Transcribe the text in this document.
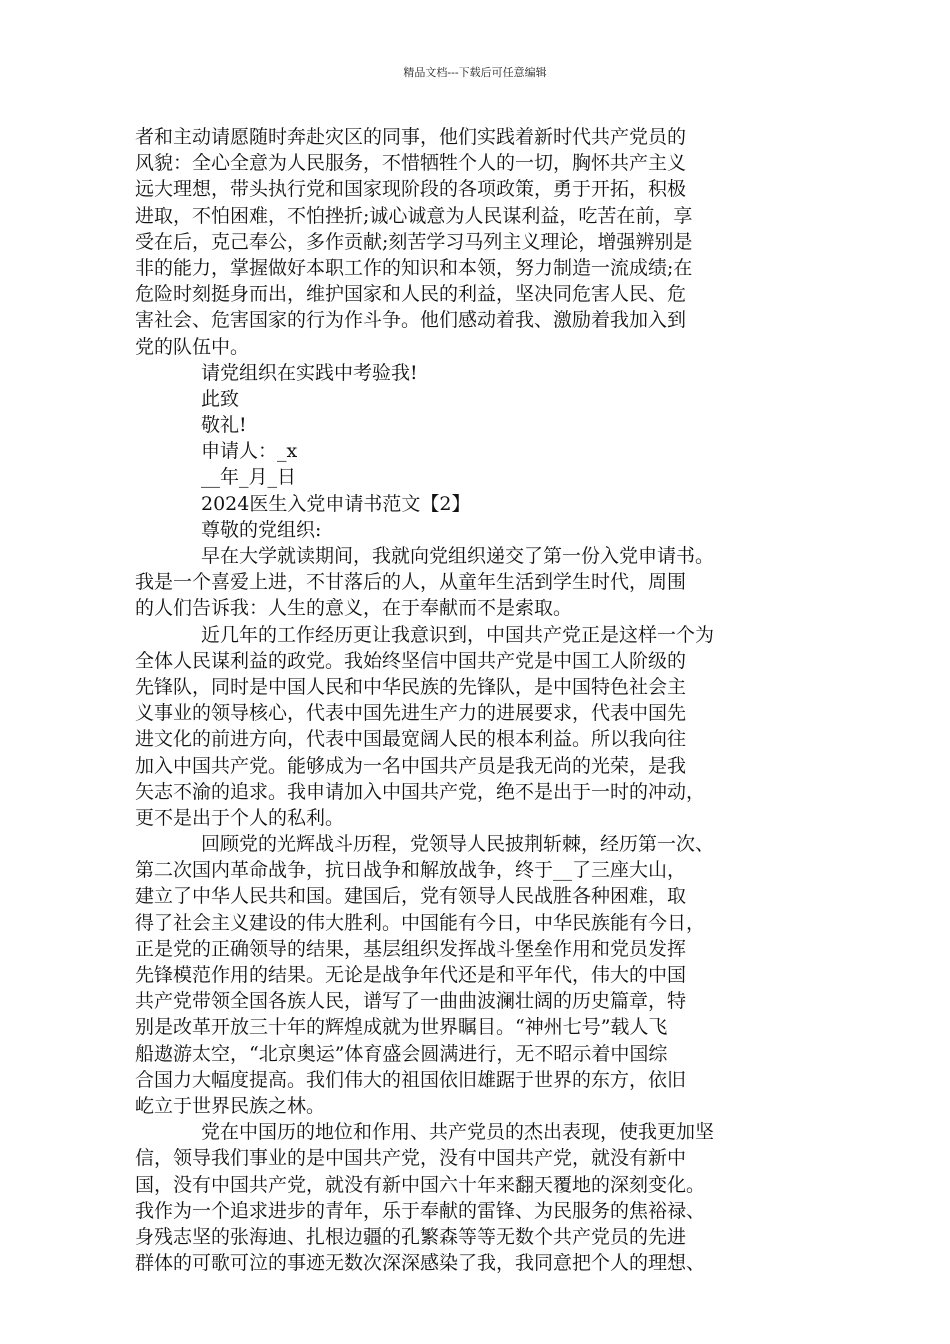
精品文档---下载后可任意编辑
者和主动请愿随时奔赴灾区的同事，他们实践着新时代共产党员的
风貌：全心全意为人民服务，不惜牺牲个人的一切，胸怀共产主义
远大理想，带头执行党和国家现阶段的各项政策，勇于开拓，积极
进取，不怕困难，不怕挫折;诚心诚意为人民谋利益，吃苦在前，享
受在后，克己奉公，多作贡献;刻苦学习马列主义理论，增强辨别是
非的能力，掌握做好本职工作的知识和本领，努力制造一流成绩;在
危险时刻挺身而出，维护国家和人民的利益，坚决同危害人民、危
害社会、危害国家的行为作斗争。他们感动着我、激励着我加入到
党的队伍中。
请党组织在实践中考验我!
此致
敬礼!
申请人：_x
__年_月_日
2024医生入党申请书范文【2】
尊敬的党组织:
早在大学就读期间，我就向党组织递交了第一份入党申请书。
我是一个喜爱上进，不甘落后的人，从童年生活到学生时代，周围
的人们告诉我：人生的意义，在于奉献而不是索取。
近几年的工作经历更让我意识到，中国共产党正是这样一个为
全体人民谋利益的政党。我始终坚信中国共产党是中国工人阶级的
先锋队，同时是中国人民和中华民族的先锋队，是中国特色社会主
义事业的领导核心，代表中国先进生产力的进展要求，代表中国先
进文化的前进方向，代表中国最宽阔人民的根本利益。所以我向往
加入中国共产党。能够成为一名中国共产员是我无尚的光荣，是我
矢志不渝的追求。我申请加入中国共产党，绝不是出于一时的冲动，
更不是出于个人的私利。
回顾党的光辉战斗历程，党领导人民披荆斩棘，经历第一次、
第二次国内革命战争，抗日战争和解放战争，终于__了三座大山，
建立了中华人民共和国。建国后，党有领导人民战胜各种困难，取
得了社会主义建设的伟大胜利。中国能有今日，中华民族能有今日，
正是党的正确领导的结果，基层组织发挥战斗堡垒作用和党员发挥
先锋模范作用的结果。无论是战争年代还是和平年代，伟大的中国
共产党带领全国各族人民，谱写了一曲曲波澜壮阔的历史篇章，特
别是改革开放三十年的辉煌成就为世界瞩目。“神州七号”载人飞
船遨游太空，“北京奥运”体育盛会圆满进行，无不昭示着中国综
合国力大幅度提高。我们伟大的祖国依旧雄踞于世界的东方，依旧
屹立于世界民族之林。
党在中国历的地位和作用、共产党员的杰出表现，使我更加坚
信，领导我们事业的是中国共产党，没有中国共产党，就没有新中
国，没有中国共产党，就没有新中国六十年来翻天覆地的深刻变化。
我作为一个追求进步的青年，乐于奉献的雷锋、为民服务的焦裕禄、
身残志坚的张海迪、扎根边疆的孔繁森等等无数个共产党员的先进
群体的可歌可泣的事迹无数次深深感染了我，我同意把个人的理想、
